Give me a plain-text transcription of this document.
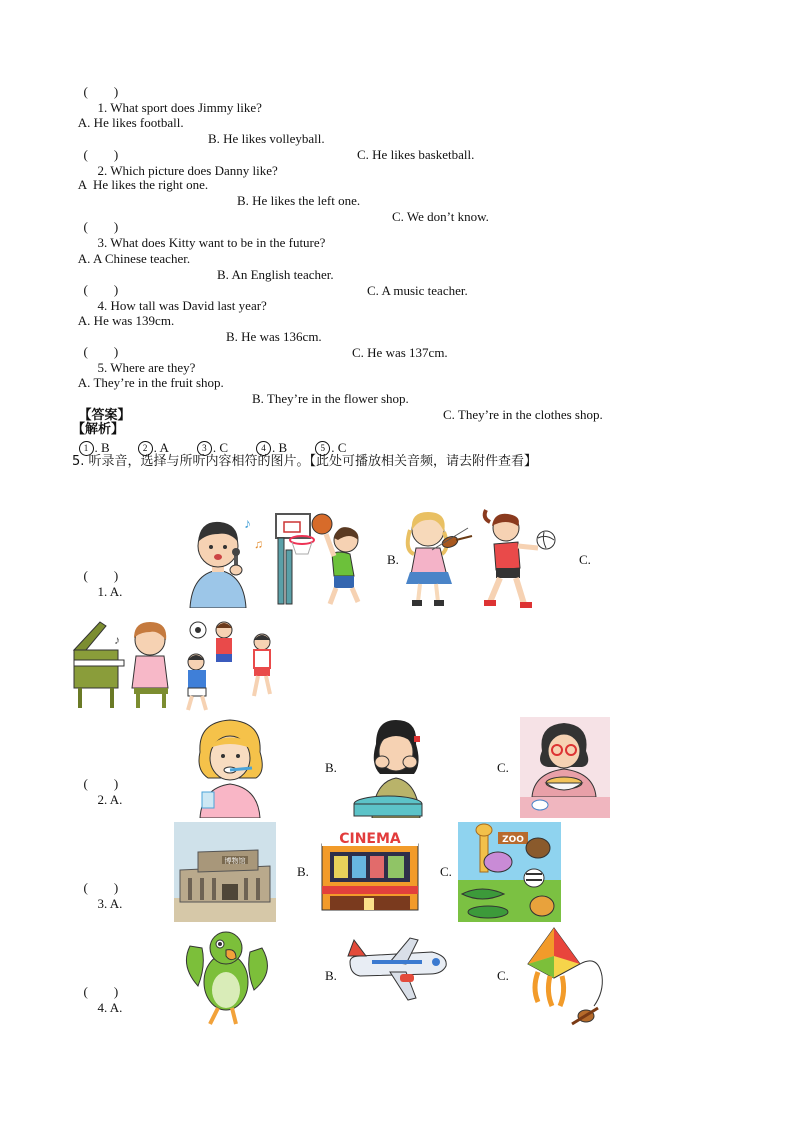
(　　)
1. What sport does Jimmy like?

A. He likes football.

B. He likes volleyball.

C. He likes basketball.

(　　)
2. Which picture does Danny like?

A  He likes the right one.

B. He likes the left one.

C. We don’t know.

(　　)
3. What does Kitty want to be in the future?

A. A Chinese teacher.

B. An English teacher.

C. A music teacher.

(　　)
4. How tall was David last year?

A. He was 139cm.

B. He was 136cm.

C. He was 137cm.

(　　)
5. Where are they?

A. They’re in the fruit shop.

B. They’re in the flower shop.

C. They’re in the clothes shop.

【答案】

1 . B	2 . A	3 . C	4 . B	5 . C

【解析】
5. 听录音，选择与所听内容相符的图片。【此处可播放相关音频，请去附件查看】

(　　)
1. A.

B.	C.
♪
♫
♪

(　　)
2. A.

B.	C.

(　　)
3. A.

B.	C.
博物馆
CINEMA	ZOO

(　　)
4. A.

B.	C.
